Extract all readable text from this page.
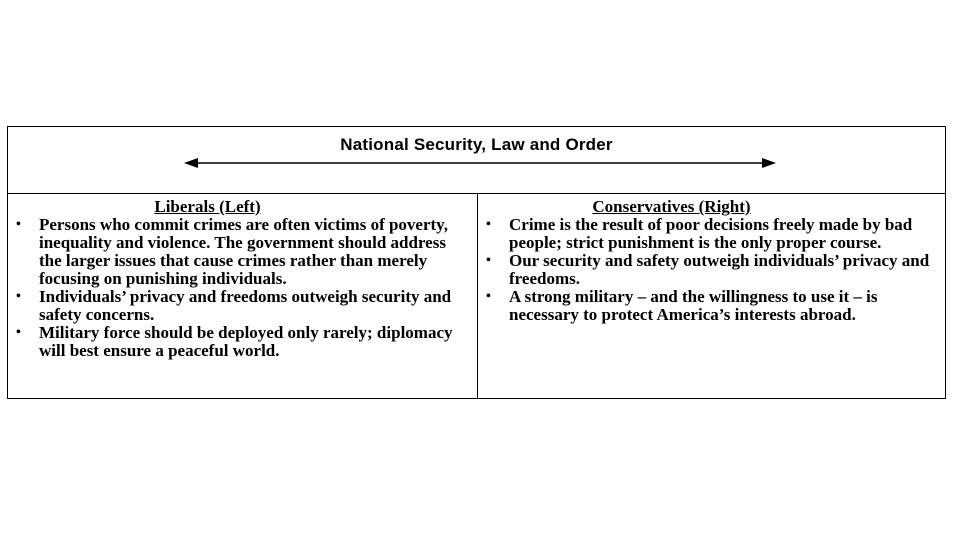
National Security, Law and Order
Liberals (Left)
• Persons who commit crimes are often victims of poverty, inequality and violence. The government should address the larger issues that cause crimes rather than merely focusing on punishing individuals.
• Individuals’ privacy and freedoms outweigh security and safety concerns.
• Military force should be deployed only rarely; diplomacy will best ensure a peaceful world.
Conservatives (Right)
• Crime is the result of poor decisions freely made by bad people; strict punishment is the only proper course.
• Our security and safety outweigh individuals’ privacy and freedoms.
• A strong military – and the willingness to use it – is necessary to protect America’s interests abroad.
